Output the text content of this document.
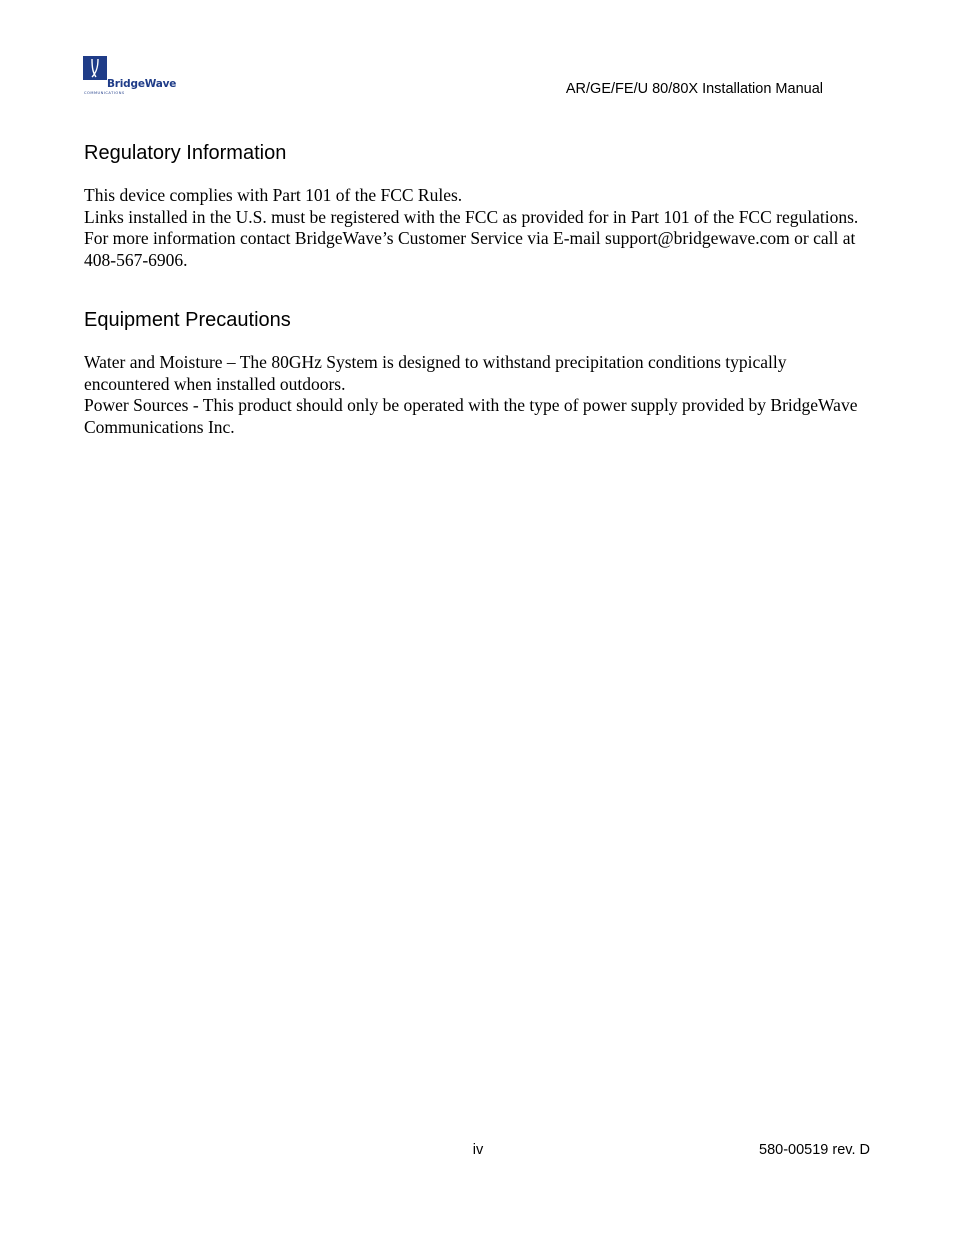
BridgeWave
COMMUNICATIONS	AR/GE/FE/U 80/80X Installation Manual
Regulatory Information

This device complies with Part 101 of the FCC Rules.

Links installed in the U.S. must be registered with the FCC as provided for in Part 101 of the FCC regulations. For more information contact BridgeWave’s Customer Service via E-mail support@bridgewave.com or call at 408-567-6906.

Equipment Precautions

Water and Moisture – The 80GHz System is designed to withstand precipitation conditions typically encountered when installed outdoors.

Power Sources - This product should only be operated with the type of power supply provided by BridgeWave Communications Inc.

iv	580-00519 rev. D
